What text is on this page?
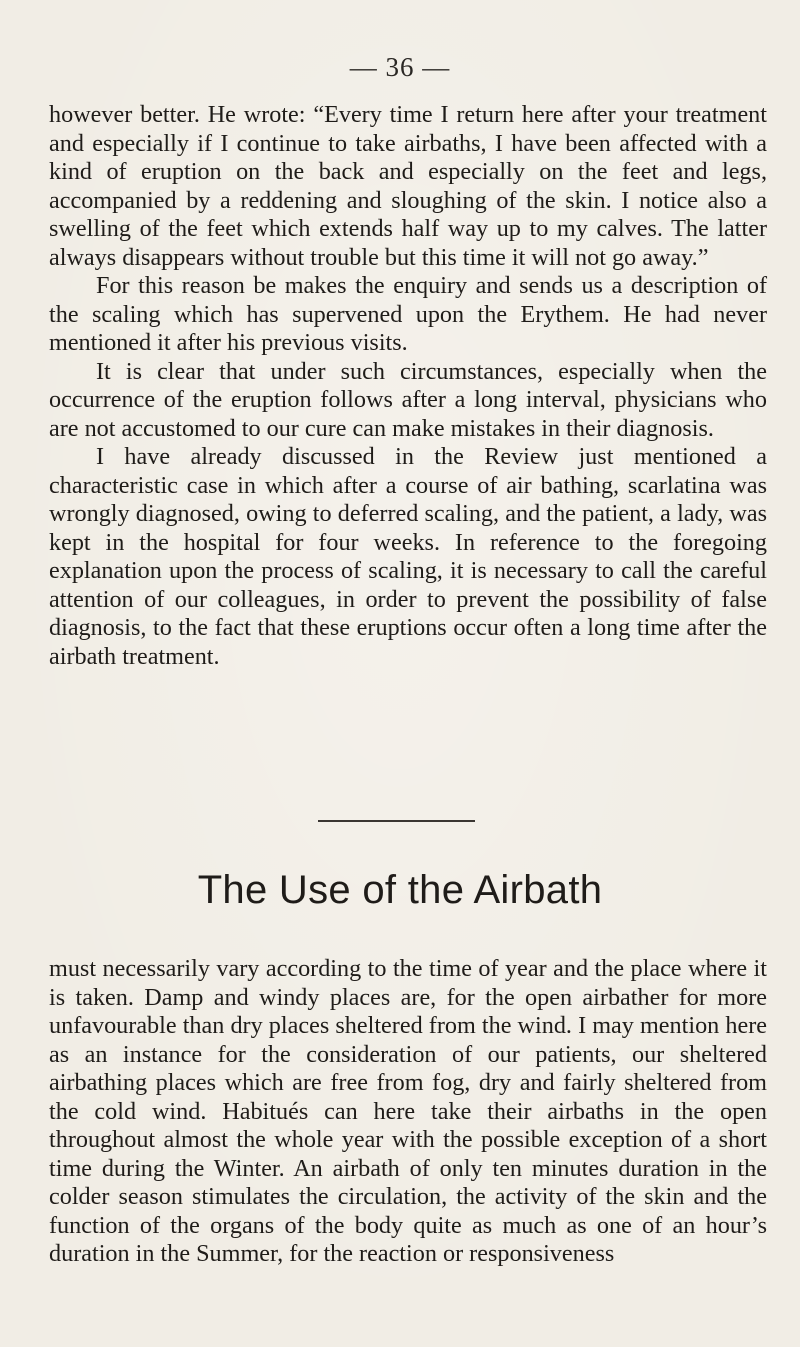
— 36 —

however better. He wrote: “Every time I return here after your treatment and especially if I continue to take airbaths, I have been affected with a kind of eruption on the back and especially on the feet and legs, accompanied by a reddening and sloughing of the skin. I notice also a swelling of the feet which extends half way up to my calves. The latter always disappears without trouble but this time it will not go away.”

For this reason be makes the enquiry and sends us a description of the scaling which has supervened upon the Erythem. He had never mentioned it after his previous visits.

It is clear that under such circumstances, especially when the occurrence of the eruption follows after a long interval, physicians who are not accustomed to our cure can make mistakes in their diagnosis.

I have already discussed in the Review just mentioned a characteristic case in which after a course of air bathing, scarlatina was wrongly diagnosed, owing to deferred scaling, and the patient, a lady, was kept in the hospital for four weeks. In reference to the foregoing explanation upon the process of scaling, it is necessary to call the careful attention of our colleagues, in order to prevent the possibility of false diagnosis, to the fact that these eruptions occur often a long time after the airbath treatment.

The Use of the Airbath

must necessarily vary according to the time of year and the place where it is taken. Damp and windy places are, for the open airbather for more unfavourable than dry places sheltered from the wind. I may mention here as an instance for the consideration of our patients, our sheltered airbathing places which are free from fog, dry and fairly sheltered from the cold wind. Habitués can here take their airbaths in the open throughout almost the whole year with the possible exception of a short time during the Winter. An airbath of only ten minutes duration in the colder season stimulates the circulation, the activity of the skin and the function of the organs of the body quite as much as one of an hour’s duration in the Summer, for the reaction or responsiveness
